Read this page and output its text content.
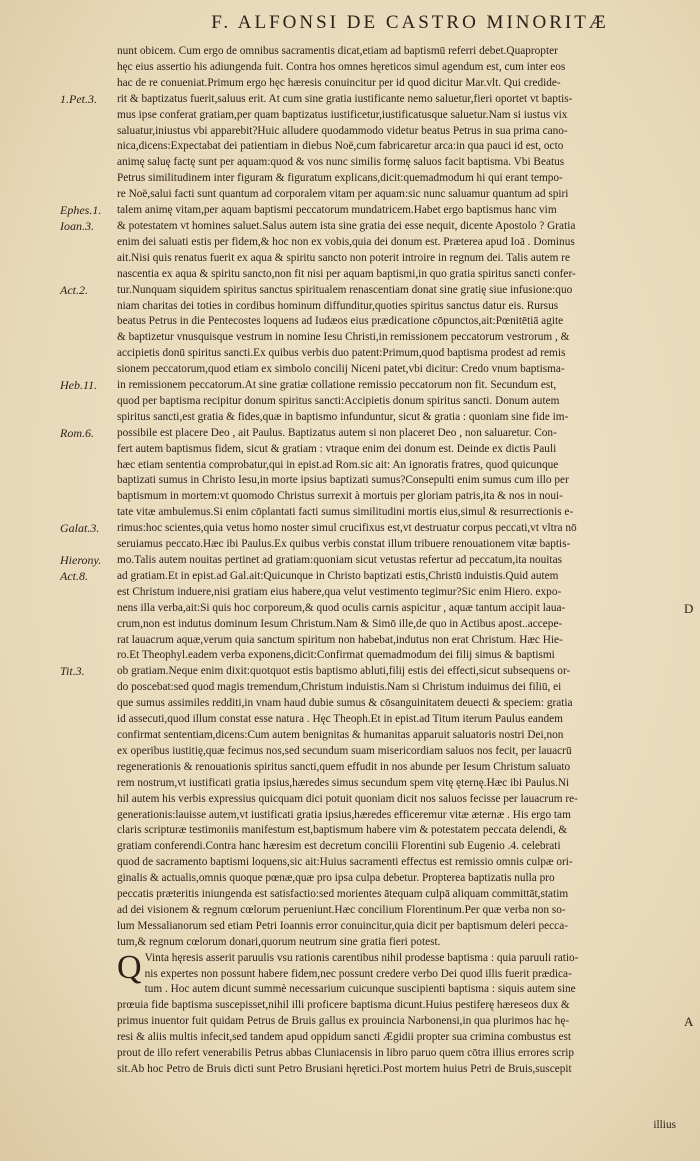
F. ALFONSI DE CASTRO MINORITÆ
1.Pet.3.
Ephes.1.
Ioan.3.
Act.2.
Heb.11.
Rom.6.
Galat.3.
Hierony.
Act.8.
Tit.3.
nunt obicem. Cum ergo de omnibus sacramentis dicat,etiam ad baptismū referri debet.Quapropter
hęc eius assertio his adiungenda fuit. Contra hos omnes hęreticos simul agendum est, cum inter eos
hac de re conueniat.Primum ergo hęc hæresis conuincitur per id quod dicitur Mar.vlt. Qui credide-
rit & baptizatus fuerit,saluus erit. At cum sine gratia iustificante nemo saluetur,fieri oportet vt baptis-
mus ipse conferat gratiam,per quam baptizatus iustificetur,iustificatusque saluetur.Nam si iustus vix
saluatur,iniustus vbi apparebit?Huic alludere quodammodo videtur beatus Petrus in sua prima cano-
nica,dicens:Expectabat dei patientiam in diebus Noë,cum fabricaretur arca:in qua pauci id est, octo
animę saluę factę sunt per aquam:quod & vos nunc similis formę saluos facit baptisma. Vbi Beatus
Petrus similitudinem inter figuram & figuratum explicans,dicit:quemadmodum hi qui erant tempo-
re Noë,salui facti sunt quantum ad corporalem vitam per aquam:sic nunc saluamur quantum ad spiri
talem animę vitam,per aquam baptismi peccatorum mundatricem.Habet ergo baptismus hanc vim
& potestatem vt homines saluet.Salus autem ista sine gratia dei esse nequit, dicente Apostolo ? Gratia
enim dei saluati estis per fidem,& hoc non ex vobis,quia dei donum est. Præterea apud Ioā . Dominus
ait.Nisi quis renatus fuerit ex aqua & spiritu sancto non poterit introire in regnum dei. Talis autem re
nascentia ex aqua & spiritu sancto,non fit nisi per aquam baptismi,in quo gratia spiritus sancti confer-
tur.Nunquam siquidem spiritus sanctus spiritualem renascentiam donat sine gratię siue infusione:quo
niam charitas dei toties in cordibus hominum diffunditur,quoties spiritus sanctus datur eis. Rursus
beatus Petrus in die Pentecostes loquens ad Iudæos eius prædicatione cōpunctos,ait:Pœnitētiā agite
& baptizetur vnusquisque vestrum in nomine Iesu Christi,in remissionem peccatorum vestrorum , &
accipietis donū spiritus sancti.Ex quibus verbis duo patent:Primum,quod baptisma prodest ad remis
sionem peccatorum,quod etiam ex simbolo concilij Niceni patet,vbi dicitur: Credo vnum baptisma-
in remissionem peccatorum.At sine gratiæ collatione remissio peccatorum non fit. Secundum est,
quod per baptisma recipitur donum spiritus sancti:Accipietis donum spiritus sancti. Donum autem
spiritus sancti,est gratia & fides,quæ in baptismo infunduntur, sicut & gratia : quoniam sine fide im-
possibile est placere Deo , ait Paulus. Baptizatus autem si non placeret Deo , non saluaretur. Con-
fert autem baptismus fidem, sicut & gratiam : vtraque enim dei donum est. Deinde ex dictis Pauli
hæc etiam sententia comprobatur,qui in epist.ad Rom.sic ait: An ignoratis fratres, quod quicunque
baptizati sumus in Christo Iesu,in morte ipsius baptizati sumus?Consepulti enim sumus cum illo per
baptismum in mortem:vt quomodo Christus surrexit à mortuis per gloriam patris,ita & nos in noui-
tate vitæ ambulemus.Si enim cōplantati facti sumus similitudini mortis eius,simul & resurrectionis e-
rimus:hoc scientes,quia vetus homo noster simul crucifixus est,vt destruatur corpus peccati,vt vltra nō
seruiamus peccato.Hæc ibi Paulus.Ex quibus verbis constat illum tribuere renouationem vitæ baptis-
mo.Talis autem nouitas pertinet ad gratiam:quoniam sicut vetustas refertur ad peccatum,ita nouitas
ad gratiam.Et in epist.ad Gal.ait:Quicunque in Christo baptizati estis,Christū induistis.Quid autem
est Christum induere,nisi gratiam eius habere,qua velut vestimento tegimur?Sic enim Hiero. expo-
nens illa verba,ait:Si quis hoc corporeum,& quod oculis carnis aspicitur , aquæ tantum accipit laua-
crum,non est indutus dominum Iesum Christum.Nam & Simō ille,de quo in Actibus apost..accepe-
rat lauacrum aquæ,verum quia sanctum spiritum non habebat,indutus non erat Christum. Hæc Hie-
ro.Et Theophyl.eadem verba exponens,dicit:Confirmat quemadmodum dei filij simus & baptismi
ob gratiam.Neque enim dixit:quotquot estis baptismo abluti,filij estis dei effecti,sicut subsequens or-
do poscebat:sed quod magis tremendum,Christum induistis.Nam si Christum induimus dei filiū, ei
que sumus assimiles redditi,in vnam haud dubie sumus & cōsanguinitatem deuecti & speciem: gratia
id assecuti,quod illum constat esse natura . Hęc Theoph.Et in epist.ad Titum iterum Paulus eandem
confirmat sententiam,dicens:Cum autem benignitas & humanitas apparuit saluatoris nostri Dei,non
ex operibus iustitię,quæ fecimus nos,sed secundum suam misericordiam saluos nos fecit, per lauacrū
regenerationis & renouationis spiritus sancti,quem effudit in nos abunde per Iesum Christum saluato
rem nostrum,vt iustificati gratia ipsius,hæredes simus secundum spem vitę ęternę.Hæc ibi Paulus.Ni
hil autem his verbis expressius quicquam dici potuit quoniam dicit nos saluos fecisse per lauacrum re-
generationis:lauisse autem,vt iustificati gratia ipsius,hæredes efficeremur vitæ æternæ . His ergo tam
claris scripturæ testimoniis manifestum est,baptismum habere vim & potestatem peccata delendi, &
gratiam conferendi.Contra hanc hæresim est decretum concilii Florentini sub Eugenio .4. celebrati
quod de sacramento baptismi loquens,sic ait:Huius sacramenti effectus est remissio omnis culpæ ori-
ginalis & actualis,omnis quoque pœnæ,quæ pro ipsa culpa debetur. Propterea baptizatis nulla pro
peccatis præteritis iniungenda est satisfactio:sed morientes ātequam culpā aliquam committāt,statim
ad dei visionem & regnum cœlorum perueniunt.Hæc concilium Florentinum.Per quæ verba non so-
lum Messalianorum sed etiam Petri Ioannis error conuincitur,quia dicit per baptismum deleri pecca-
tum,& regnum cœlorum donari,quorum neutrum sine gratia fieri potest.
Q Vinta hęresis asserit paruulis vsu rationis carentibus nihil prodesse baptisma : quia paruuli ratio-
nis expertes non possunt habere fidem,nec possunt credere verbo Dei quod illis fuerit prædica-
tum . Hoc autem dicunt summè necessarium cuicunque suscipienti baptisma : siquis autem sine
prœuia fide baptisma suscepisset,nihil illi proficere baptisma dicunt.Huius pestiferę hæreseos dux &
primus inuentor fuit quidam Petrus de Bruis gallus ex prouincia Narbonensi,in qua plurimos hac hę-
resi & aliis multis infecit,sed tandem apud oppidum sancti Ægidii propter sua crimina combustus est
prout de illo refert venerabilis Petrus abbas Cluniacensis in libro paruo quem cōtra illius errores scrip
sit.Ab hoc Petro de Bruis dicti sunt Petro Brusiani hęretici.Post mortem huius Petri de Bruis,suscepit
D
A
illius
